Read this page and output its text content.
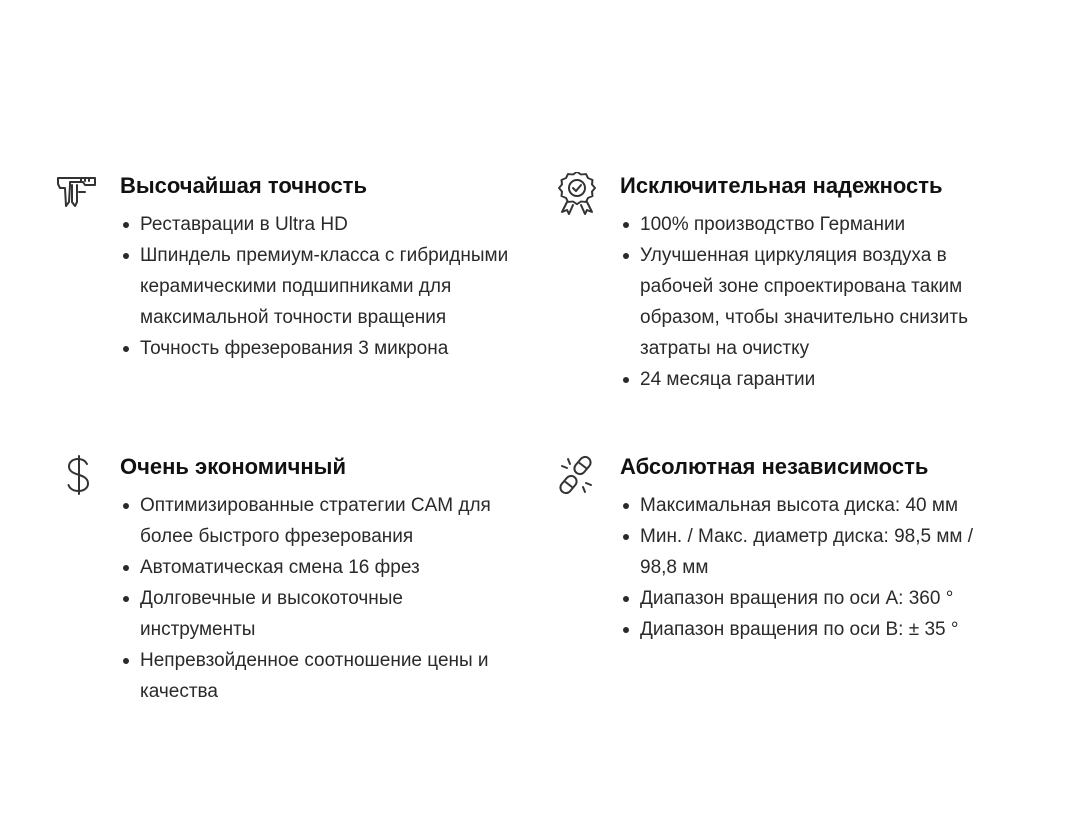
Высочайшая точность
Реставрации в Ultra HD
Шпиндель премиум-класса с гибридными керамическими подшипниками для максимальной точности вращения
Точность фрезерования 3 микрона
Исключительная надежность
100% производство Германии
Улучшенная циркуляция воздуха в рабочей зоне спроектирована таким образом, чтобы значительно снизить затраты на очистку
24 месяца гарантии
Очень экономичный
Оптимизированные стратегии CAM для более быстрого фрезерования
Автоматическая смена 16 фрез
Долговечные и высокоточные инструменты
Непревзойденное соотношение цены и качества
Абсолютная независимость
Максимальная высота диска: 40 мм
Мин. / Макс. диаметр диска: 98,5 мм / 98,8 мм
Диапазон вращения по оси A: 360 °
Диапазон вращения по оси B: ± 35 °
